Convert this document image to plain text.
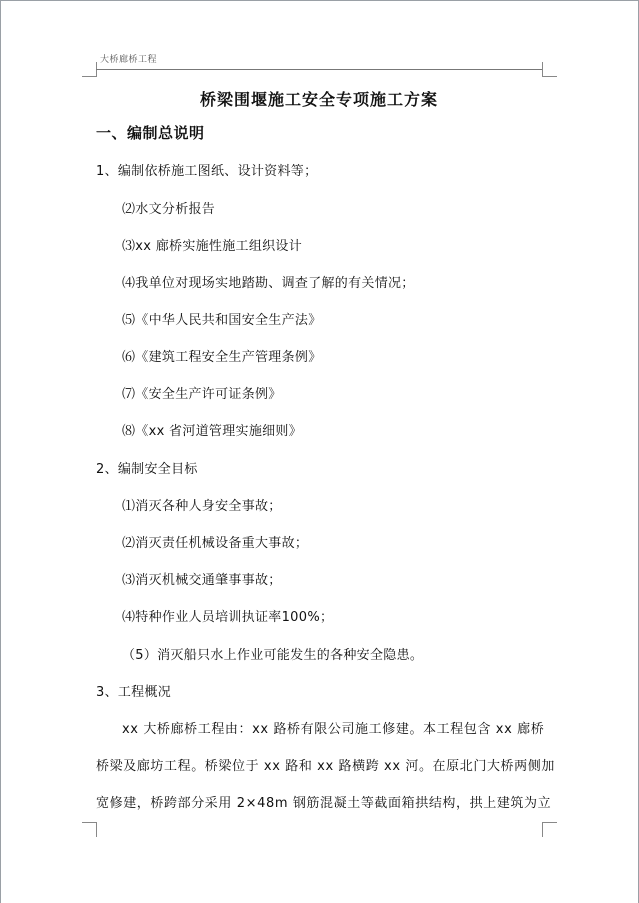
大桥廊桥工程
桥梁围堰施工安全专项施工方案
一、编制总说明
1、编制依桥施工图纸、设计资料等；
⑵水文分析报告
⑶xx 廊桥实施性施工组织设计
⑷我单位对现场实地踏勘、调查了解的有关情况；
⑸《中华人民共和国安全生产法》
⑹《建筑工程安全生产管理条例》
⑺《安全生产许可证条例》
⑻《xx 省河道管理实施细则》
2、编制安全目标
⑴消灭各种人身安全事故；
⑵消灭责任机械设备重大事故；
⑶消灭机械交通肇事事故；
⑷特种作业人员培训执证率100%；
（5）消灭船只水上作业可能发生的各种安全隐患。
3、工程概况
xx 大桥廊桥工程由：xx 路桥有限公司施工修建。本工程包含 xx 廊桥
桥梁及廊坊工程。桥梁位于 xx 路和 xx 路横跨 xx 河。在原北门大桥两侧加
宽修建，桥跨部分采用 2×48m 钢筋混凝土等截面箱拱结构，拱上建筑为立
